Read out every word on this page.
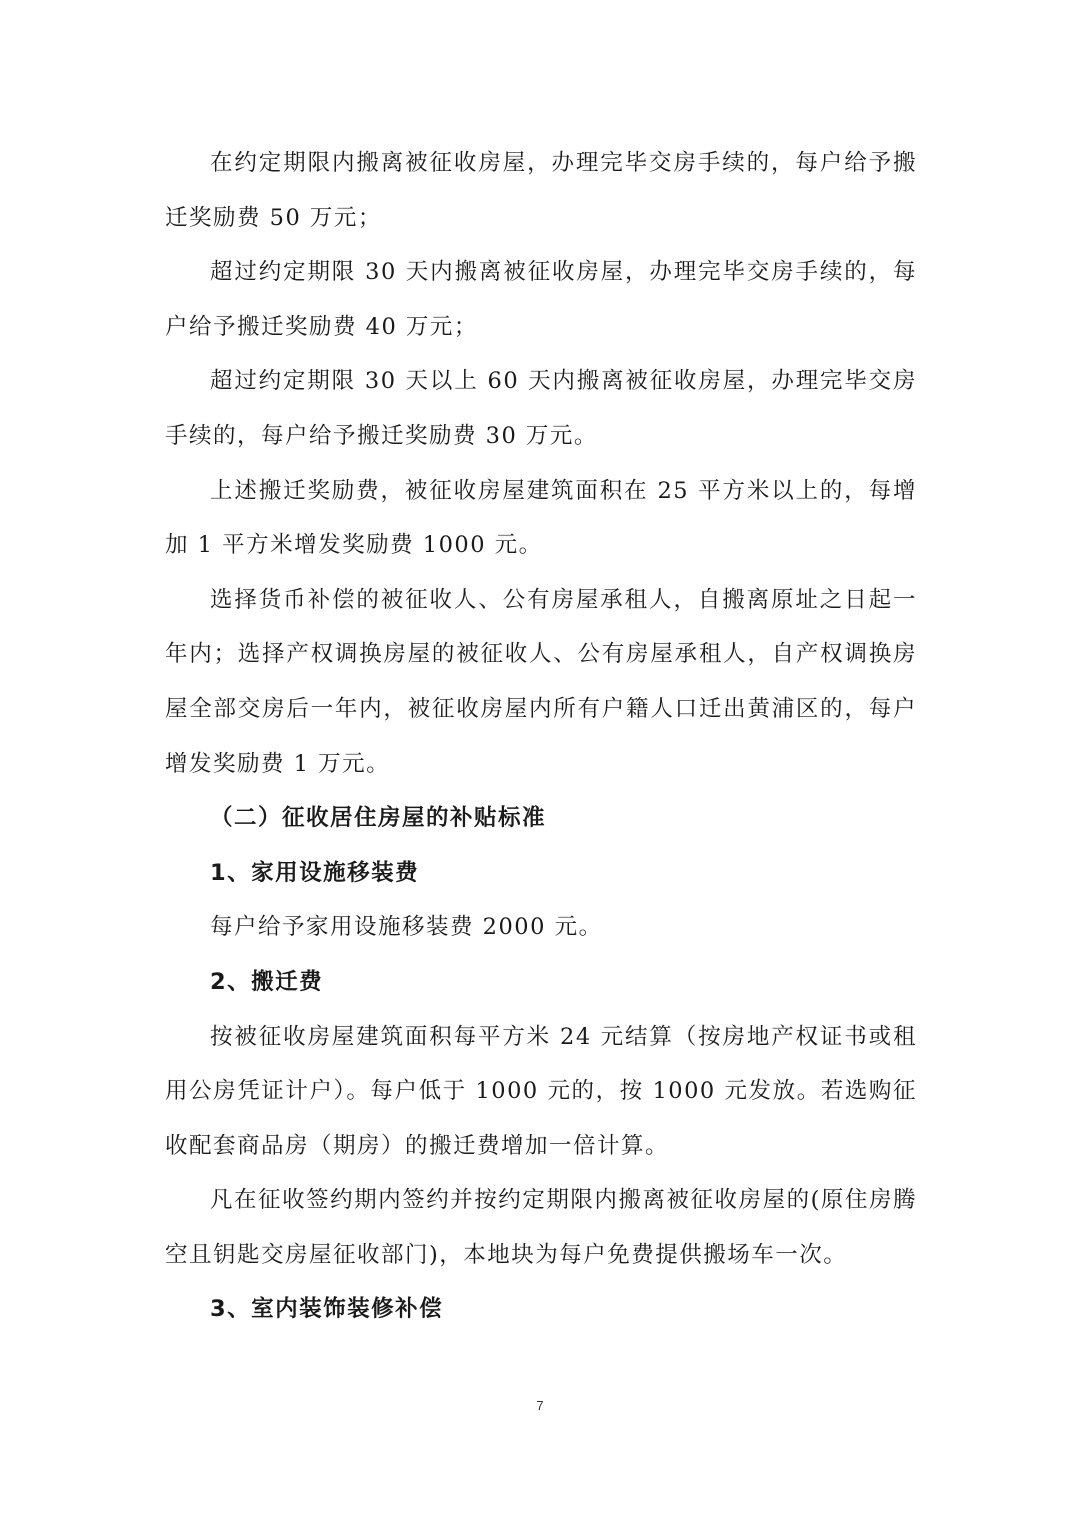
在约定期限内搬离被征收房屋，办理完毕交房手续的，每户给予搬迁奖励费 50 万元；

超过约定期限 30 天内搬离被征收房屋，办理完毕交房手续的，每户给予搬迁奖励费 40 万元；

超过约定期限 30 天以上 60 天内搬离被征收房屋，办理完毕交房手续的，每户给予搬迁奖励费 30 万元。

上述搬迁奖励费，被征收房屋建筑面积在 25 平方米以上的，每增加 1 平方米增发奖励费 1000 元。

选择货币补偿的被征收人、公有房屋承租人，自搬离原址之日起一年内；选择产权调换房屋的被征收人、公有房屋承租人，自产权调换房屋全部交房后一年内，被征收房屋内所有户籍人口迁出黄浦区的，每户增发奖励费 1 万元。

（二）征收居住房屋的补贴标准

1、家用设施移装费

每户给予家用设施移装费 2000 元。

2、搬迁费

按被征收房屋建筑面积每平方米 24 元结算（按房地产权证书或租用公房凭证计户）。每户低于 1000 元的，按 1000 元发放。若选购征收配套商品房（期房）的搬迁费增加一倍计算。

凡在征收签约期内签约并按约定期限内搬离被征收房屋的(原住房腾空且钥匙交房屋征收部门)，本地块为每户免费提供搬场车一次。

3、室内装饰装修补偿

7
